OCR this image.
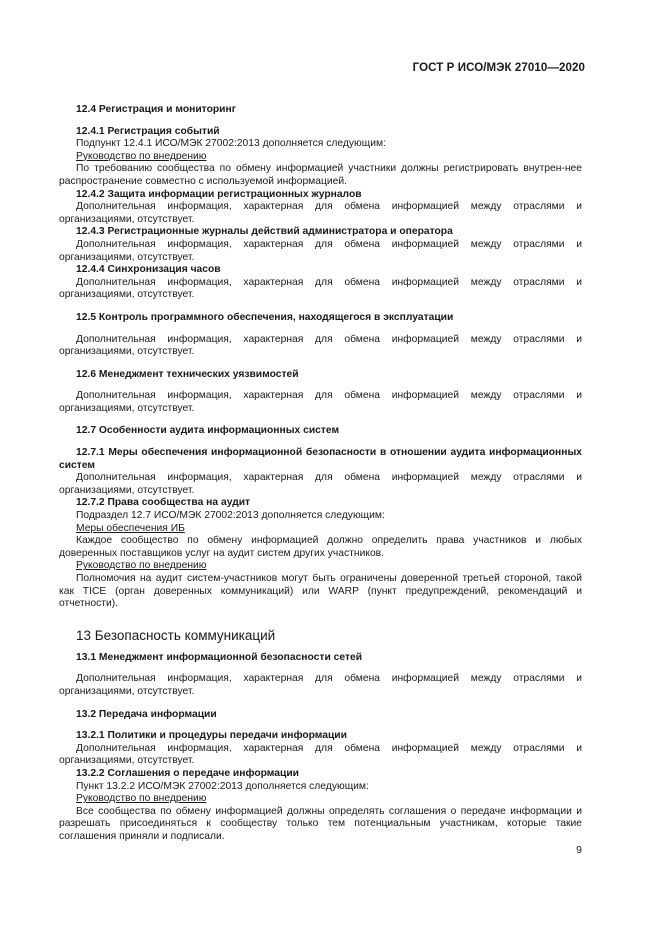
ГОСТ Р ИСО/МЭК 27010—2020

12.4 Регистрация и мониторинг

12.4.1 Регистрация событий

Подпункт 12.4.1 ИСО/МЭК 27002:2013 дополняется следующим:

Руководство по внедрению

По требованию сообщества по обмену информацией участники должны регистрировать внутрен-нее распространение совместно с используемой информацией.

12.4.2 Защита информации регистрационных журналов

Дополнительная информация, характерная для обмена информацией между отраслями и организациями, отсутствует.

12.4.3 Регистрационные журналы действий администратора и оператора

Дополнительная информация, характерная для обмена информацией между отраслями и организациями, отсутствует.

12.4.4 Синхронизация часов

Дополнительная информация, характерная для обмена информацией между отраслями и организациями, отсутствует.

12.5 Контроль программного обеспечения, находящегося в эксплуатации

Дополнительная информация, характерная для обмена информацией между отраслями и организациями, отсутствует.

12.6 Менеджмент технических уязвимостей

Дополнительная информация, характерная для обмена информацией между отраслями и организациями, отсутствует.

12.7 Особенности аудита информационных систем

12.7.1 Меры обеспечения информационной безопасности в отношении аудита информационных систем

Дополнительная информация, характерная для обмена информацией между отраслями и организациями, отсутствует.

12.7.2 Права сообщества на аудит

Подраздел 12.7 ИСО/МЭК 27002:2013 дополняется следующим:

Меры обеспечения ИБ

Каждое сообщество по обмену информацией должно определить права участников и любых доверенных поставщиков услуг на аудит систем других участников.

Руководство по внедрению

Полномочия на аудит систем-участников могут быть ограничены доверенной третьей стороной, такой как TICE (орган доверенных коммуникаций) или WARP (пункт предупреждений, рекомендаций и отчетности).

13 Безопасность коммуникаций

13.1 Менеджмент информационной безопасности сетей

Дополнительная информация, характерная для обмена информацией между отраслями и организациями, отсутствует.

13.2 Передача информации

13.2.1 Политики и процедуры передачи информации

Дополнительная информация, характерная для обмена информацией между отраслями и организациями, отсутствует.

13.2.2 Соглашения о передаче информации

Пункт 13.2.2 ИСО/МЭК 27002:2013 дополняется следующим:

Руководство по внедрению

Все сообщества по обмену информацией должны определять соглашения о передаче информации и разрешать присоединяться к сообществу только тем потенциальным участникам, которые такие соглашения приняли и подписали.

9
